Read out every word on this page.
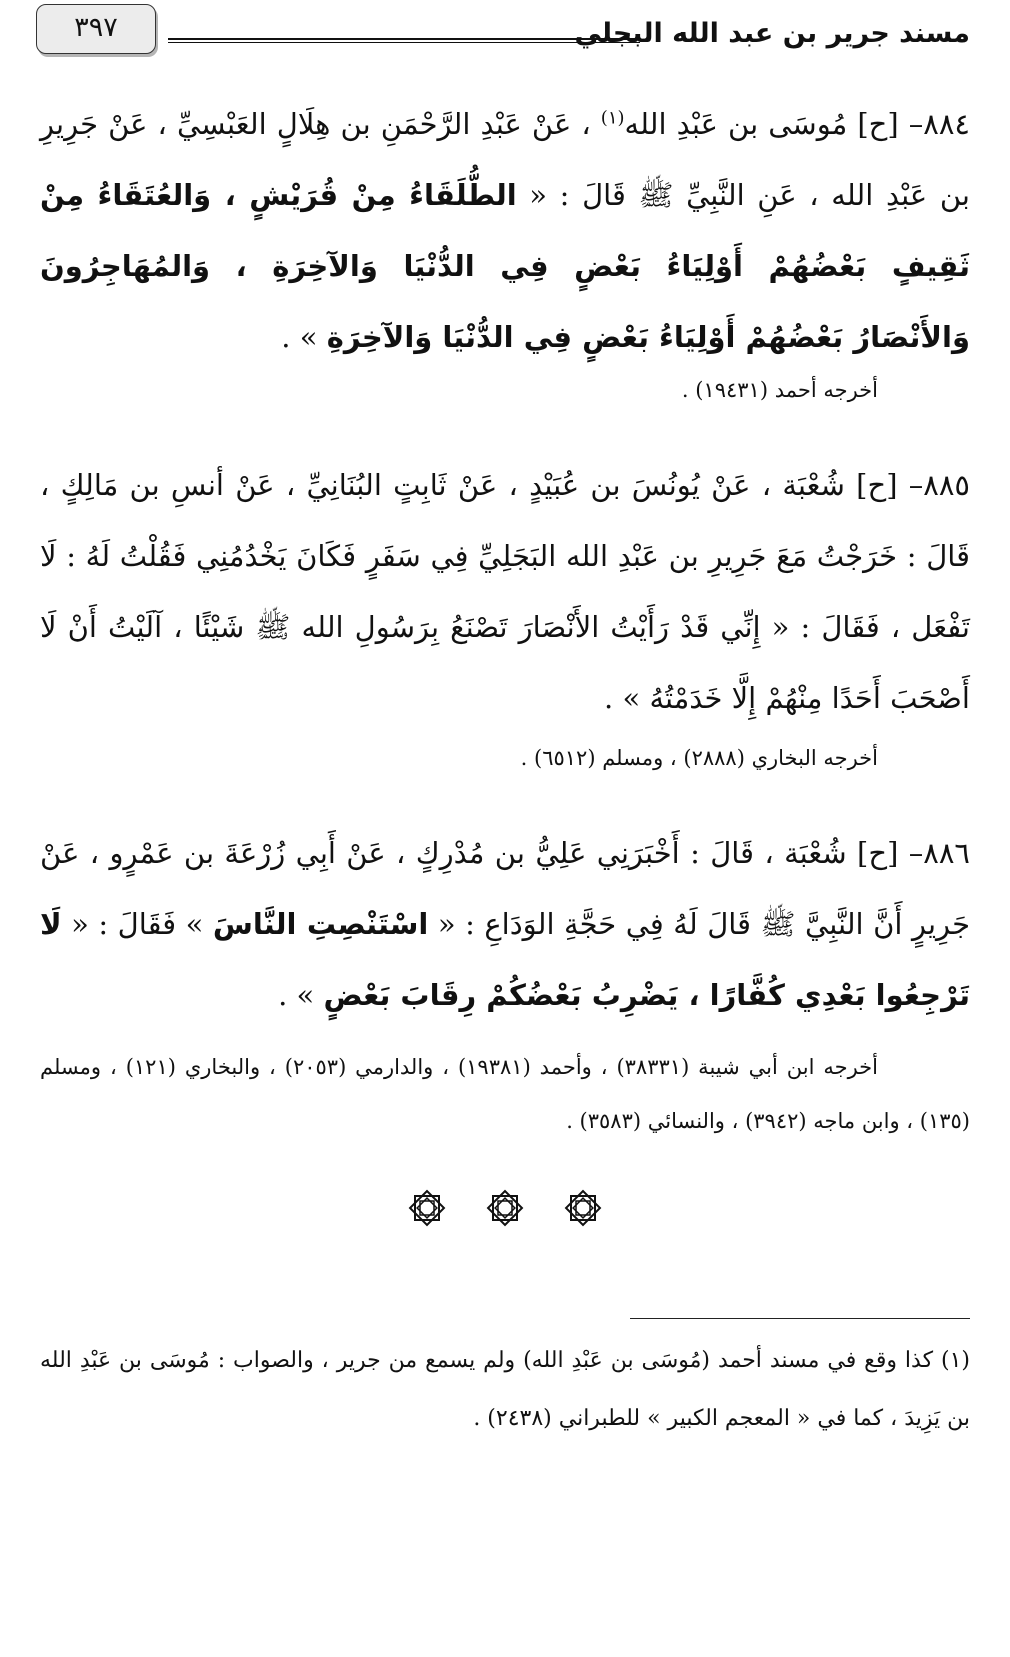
مسند جرير بن عبد الله البجلي
٣٩٧
٨٨٤– [ح] مُوسَى بن عَبْدِ الله$^{(١)}$ ، عَنْ عَبْدِ الرَّحْمَنِ بن هِلَالٍ العَبْسِيِّ ، عَنْ جَرِيرِ بن عَبْدِ الله ، عَنِ النَّبِيِّ ﷺ قَالَ : « الطُّلَقَاءُ مِنْ قُرَيْشٍ ، وَالعُتَقَاءُ مِنْ ثَقِيفٍ بَعْضُهُمْ أَوْلِيَاءُ بَعْضٍ فِي الدُّنْيَا وَالآخِرَةِ ، وَالمُهَاجِرُونَ وَالأَنْصَارُ بَعْضُهُمْ أَوْلِيَاءُ بَعْضٍ فِي الدُّنْيَا وَالآخِرَةِ » .
أخرجه أحمد (١٩٤٣١) .
٨٨٥– [ح] شُعْبَة ، عَنْ يُونُسَ بن عُبَيْدٍ ، عَنْ ثَابِتٍ البُنَانِيِّ ، عَنْ أنسِ بن مَالِكٍ ، قَالَ : خَرَجْتُ مَعَ جَرِيرِ بن عَبْدِ الله البَجَلِيِّ فِي سَفَرٍ فَكَانَ يَخْدُمُنِي فَقُلْتُ لَهُ : لَا تَفْعَل ، فَقَالَ : « إِنِّي قَدْ رَأَيْتُ الأَنْصَارَ تَصْنَعُ بِرَسُولِ الله ﷺ شَيْئًا ، آلَيْتُ أَنْ لَا أَصْحَبَ أَحَدًا مِنْهُمْ إِلَّا خَدَمْتُهُ » .
أخرجه البخاري (٢٨٨٨) ، ومسلم (٦٥١٢) .
٨٨٦– [ح] شُعْبَة ، قَالَ : أَخْبَرَنِي عَلِيُّ بن مُدْرِكٍ ، عَنْ أَبِي زُرْعَةَ بن عَمْرٍو ، عَنْ جَرِيرٍ أَنَّ النَّبِيَّ ﷺ قَالَ لَهُ فِي حَجَّةِ الوَدَاعِ : « اسْتَنْصِتِ النَّاسَ » فَقَالَ : « لَا تَرْجِعُوا بَعْدِي كُفَّارًا ، يَضْرِبُ بَعْضُكُمْ رِقَابَ بَعْضٍ » .
أخرجه ابن أبي شيبة (٣٨٣٣١) ، وأحمد (١٩٣٨١) ، والدارمي (٢٠٥٣) ، والبخاري (١٢١) ، ومسلم (١٣٥) ، وابن ماجه (٣٩٤٢) ، والنسائي (٣٥٨٣) .
(١) كذا وقع في مسند أحمد (مُوسَى بن عَبْدِ الله) ولم يسمع من جرير ، والصواب : مُوسَى بن عَبْدِ الله بن يَزِيدَ ، كما في « المعجم الكبير » للطبراني (٢٤٣٨) .
